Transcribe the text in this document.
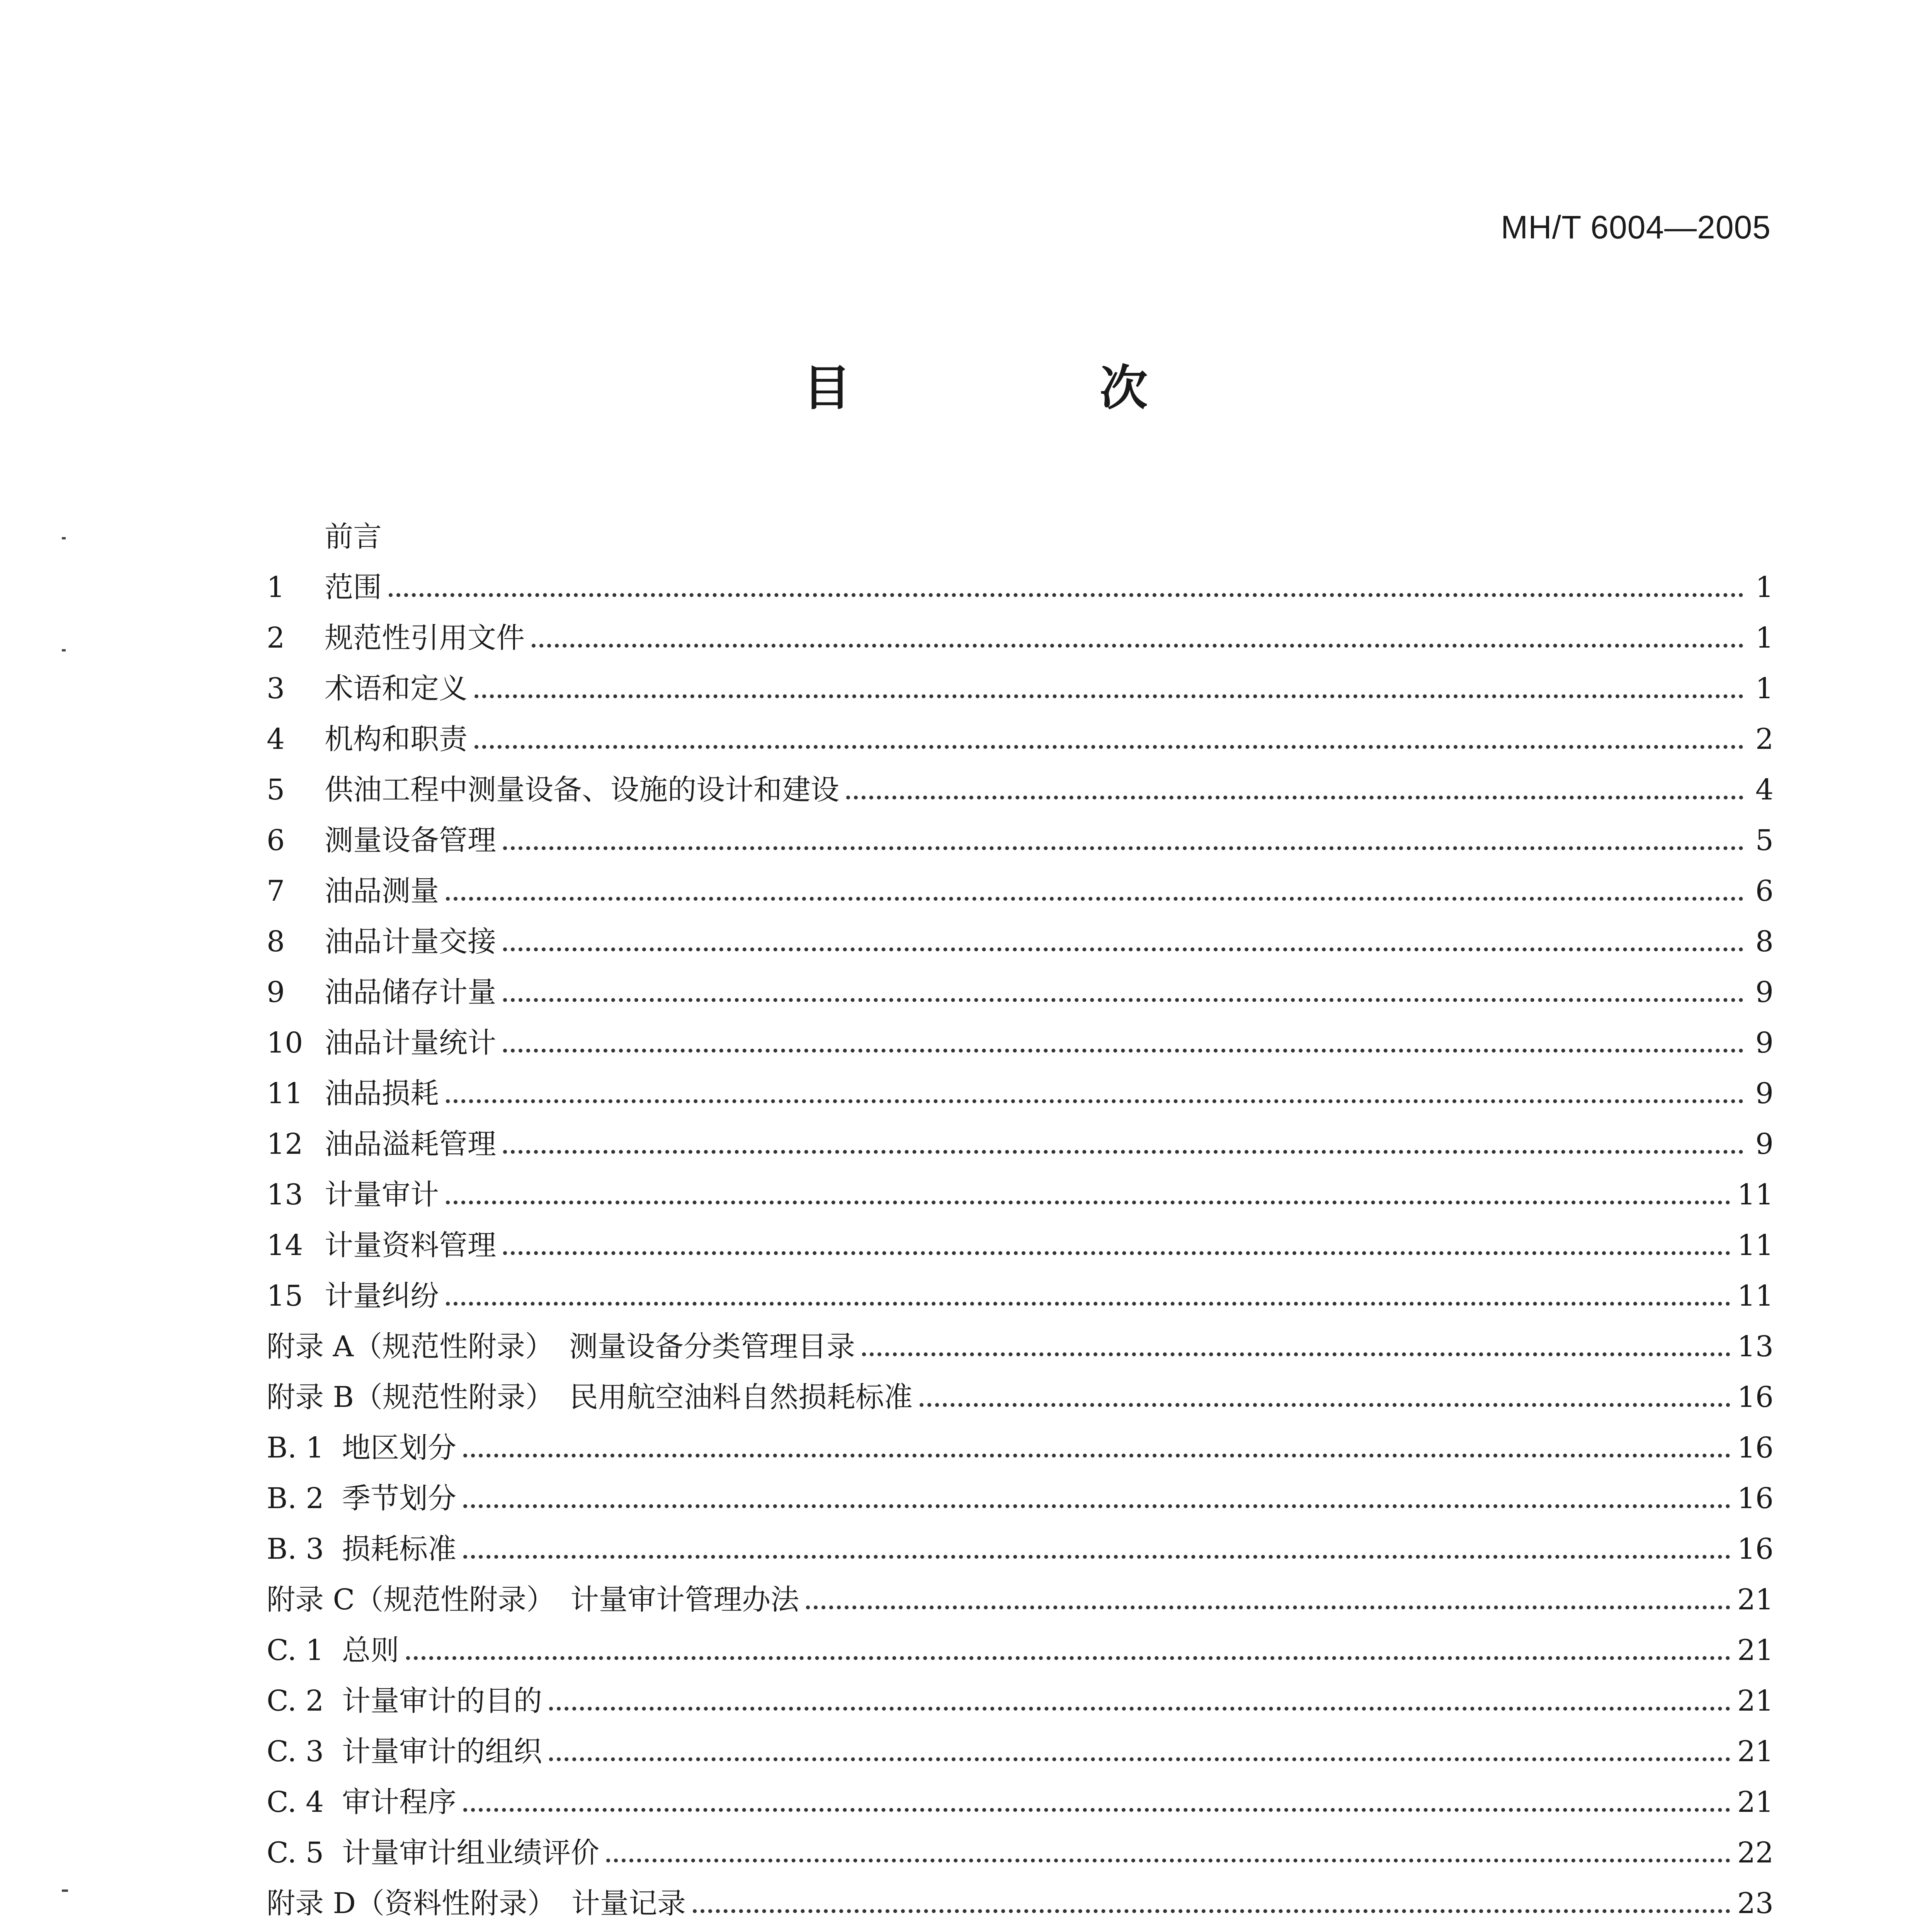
MH/T 6004—2005
目　次
前言
1	范围	1
2	规范性引用文件	1
3	术语和定义	1
4	机构和职责	2
5	供油工程中测量设备、设施的设计和建设	4
6	测量设备管理	5
7	油品测量	6
8	油品计量交接	8
9	油品储存计量	9
10 油品计量统计	9
11 油品损耗	9
12 油品溢耗管理	9
13 计量审计	11
14 计量资料管理	11
15 计量纠纷	11
附录 A（规范性附录） 测量设备分类管理目录	13
附录 B（规范性附录） 民用航空油料自然损耗标准	16
B. 1 地区划分	16
B. 2 季节划分	16
B. 3 损耗标准	16
附录 C（规范性附录） 计量审计管理办法	21
C. 1 总则	21
C. 2 计量审计的目的	21
C. 3 计量审计的组织	21
C. 4 审计程序	21
C. 5 计量审计组业绩评价	22
附录 D（资料性附录） 计量记录	23
